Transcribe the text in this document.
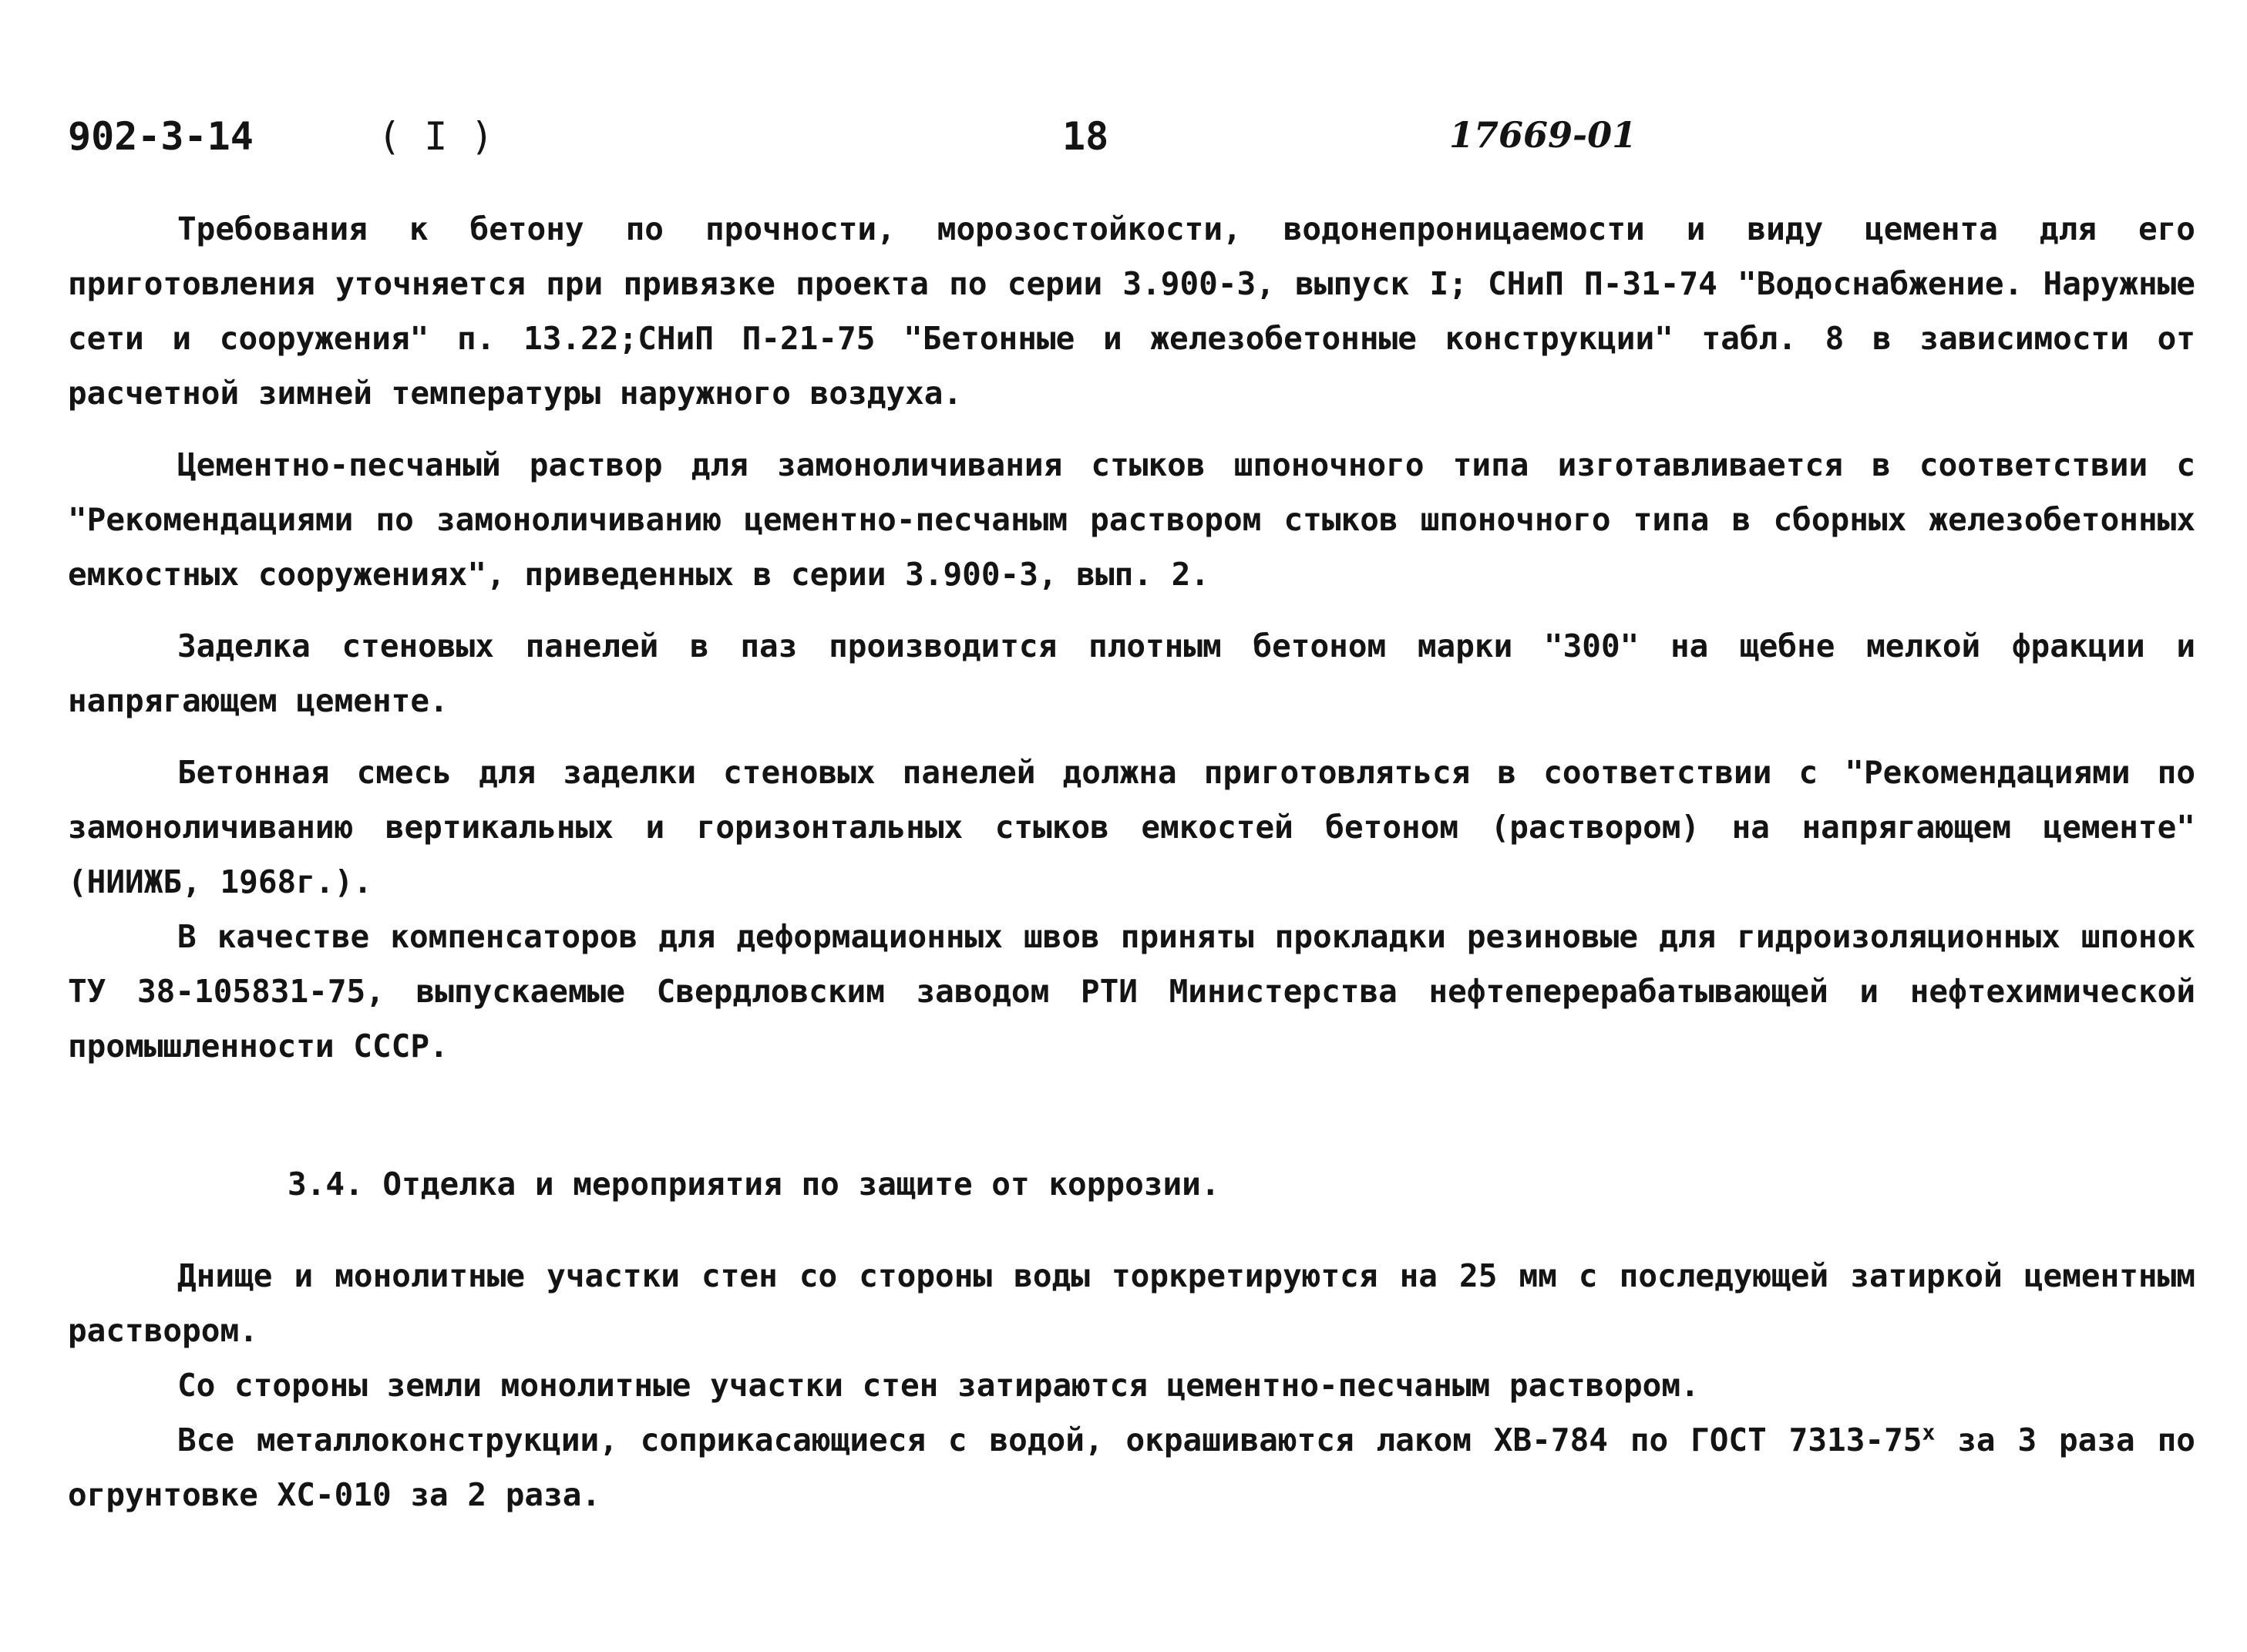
902-3-14	( I )	18	17669-01

Требования к бетону по прочности, морозостойкости, водонепроницаемости и виду цемента для его приготовления уточняется при привязке проекта по серии 3.900-3, выпуск I; СНиП П-31-74 "Водоснабжение. Наружные сети и сооружения" п. 13.22;СНиП П-21-75 "Бетонные и железобетонные конструкции" табл. 8 в зависимости от расчетной зимней температуры наружного воздуха.

Цементно-песчаный раствор для замоноличивания стыков шпоночного типа изготавливается в соответствии с "Рекомендациями по замоноличиванию цементно-песчаным раствором стыков шпоночного типа в сборных железобетонных емкостных сооружениях", приведенных в серии 3.900-3, вып. 2.

Заделка стеновых панелей в паз производится плотным бетоном марки "300" на щебне мелкой фракции и напрягающем цементе.

Бетонная смесь для заделки стеновых панелей должна приготовляться в соответствии с "Рекомендациями по замоноличиванию вертикальных и горизонтальных стыков емкостей бетоном (раствором) на напрягающем цементе" (НИИЖБ, 1968г.).

В качестве компенсаторов для деформационных швов приняты прокладки резиновые для гидроизоляционных шпонок ТУ 38-105831-75, выпускаемые Свердловским заводом РТИ Министерства нефтеперерабатывающей и нефтехимической промышленности СССР.

3.4. Отделка и мероприятия по защите от коррозии.

Днище и монолитные участки стен со стороны воды торкретируются на 25 мм с последующей затиркой цементным раствором.

Со стороны земли монолитные участки стен затираются цементно-песчаным раствором.

Все металлоконструкции, соприкасающиеся с водой, окрашиваются лаком ХВ-784 по ГОСТ $7313-75^х$ за 3 раза по огрунтовке ХС-010 за 2 раза.
